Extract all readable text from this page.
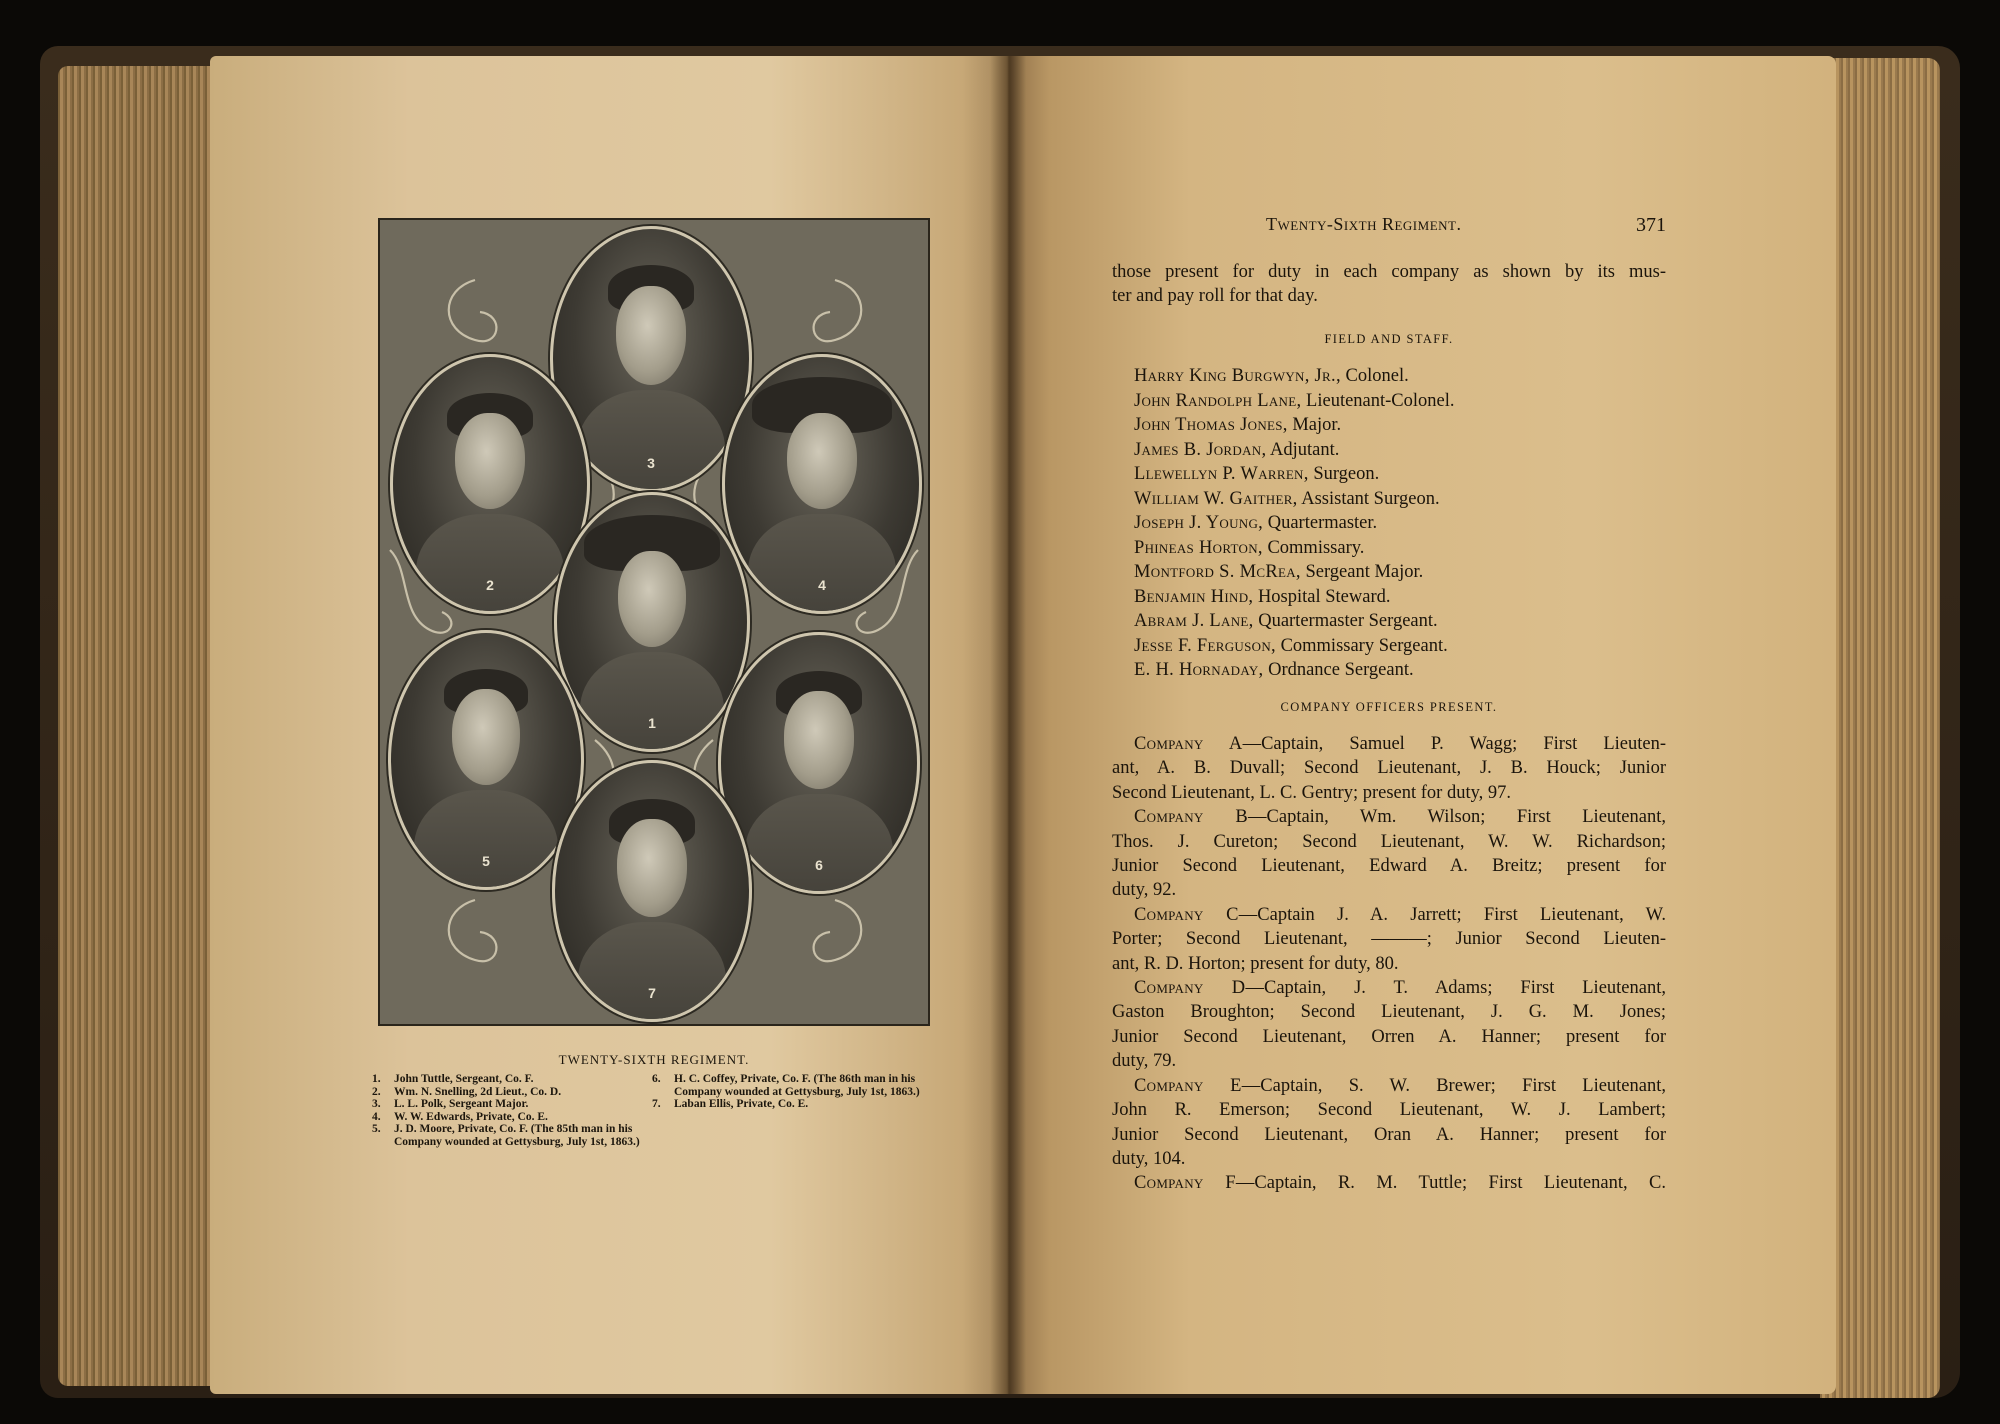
3
2	4
1
5	6
7
TWENTY-SIXTH REGIMENT.
1. John Tuttle, Sergeant, Co. F.
2. Wm. N. Snelling, 2d Lieut., Co. D.
3. L. L. Polk, Sergeant Major.
4. W. W. Edwards, Private, Co. E.
5. J. D. Moore, Private, Co. F. (The 85th man in his Company wounded at Gettysburg, July 1st, 1863.)
6. H. C. Coffey, Private, Co. F. (The 86th man in his Company wounded at Gettysburg, July 1st, 1863.)
7. Laban Ellis, Private, Co. E.
Twenty-Sixth Regiment.	371
those present for duty in each company as shown by its mus-
ter and pay roll for that day.
FIELD AND STAFF.
Harry King Burgwyn, Jr., Colonel.
John Randolph Lane, Lieutenant-Colonel.
John Thomas Jones, Major.
James B. Jordan, Adjutant.
Llewellyn P. Warren, Surgeon.
William W. Gaither, Assistant Surgeon.
Joseph J. Young, Quartermaster.
Phineas Horton, Commissary.
Montford S. McRea, Sergeant Major.
Benjamin Hind, Hospital Steward.
Abram J. Lane, Quartermaster Sergeant.
Jesse F. Ferguson, Commissary Sergeant.
E. H. Hornaday, Ordnance Sergeant.
COMPANY OFFICERS PRESENT.
Company A—Captain, Samuel P. Wagg; First Lieuten-
ant, A. B. Duvall; Second Lieutenant, J. B. Houck; Junior
Second Lieutenant, L. C. Gentry; present for duty, 97.
Company B—Captain, Wm. Wilson; First Lieutenant,
Thos. J. Cureton; Second Lieutenant, W. W. Richardson;
Junior Second Lieutenant, Edward A. Breitz; present for
duty, 92.
Company C—Captain J. A. Jarrett; First Lieutenant, W.
Porter; Second Lieutenant, ———; Junior Second Lieuten-
ant, R. D. Horton; present for duty, 80.
Company D—Captain, J. T. Adams; First Lieutenant,
Gaston Broughton; Second Lieutenant, J. G. M. Jones;
Junior Second Lieutenant, Orren A. Hanner; present for
duty, 79.
Company E—Captain, S. W. Brewer; First Lieutenant,
John R. Emerson; Second Lieutenant, W. J. Lambert;
Junior Second Lieutenant, Oran A. Hanner; present for
duty, 104.
Company F—Captain, R. M. Tuttle; First Lieutenant, C.
